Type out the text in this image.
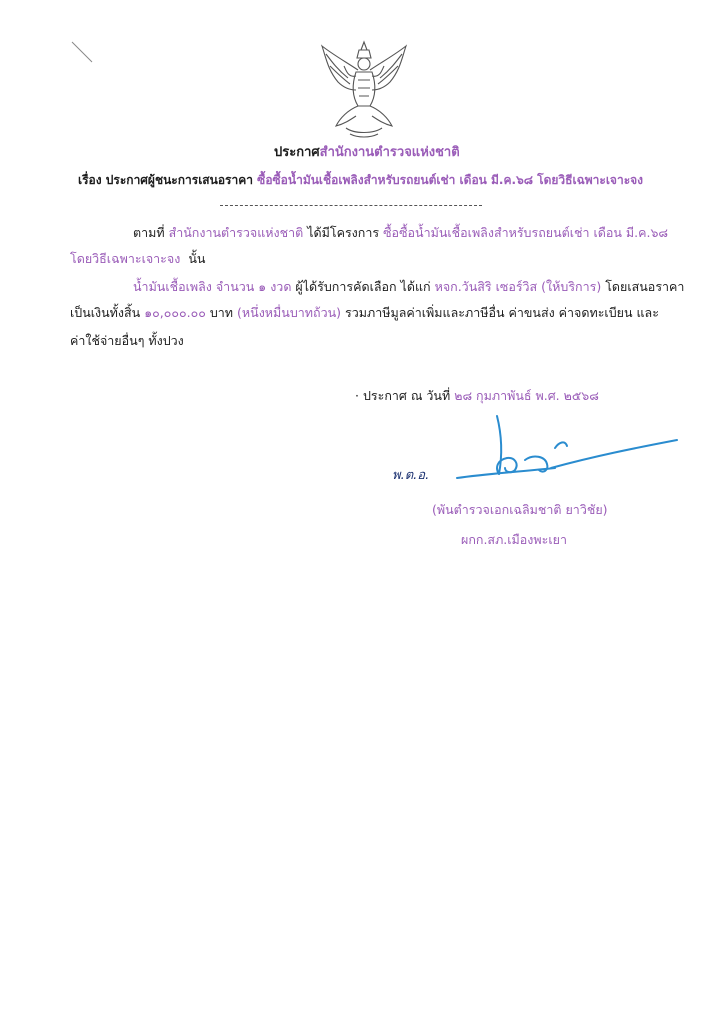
ประกาศสำนักงานตำรวจแห่งชาติ
เรื่อง ประกาศผู้ชนะการเสนอราคา ซื้อซื้อน้ำมันเชื้อเพลิงสำหรับรถยนต์เช่า เดือน มี.ค.๖๘ โดยวิธีเฉพาะเจาะจง
ตามที่ สำนักงานตำรวจแห่งชาติ ได้มีโครงการ ซื้อซื้อน้ำมันเชื้อเพลิงสำหรับรถยนต์เช่า เดือน มี.ค.๖๘
โดยวิธีเฉพาะเจาะจง นั้น
น้ำมันเชื้อเพลิง จำนวน ๑ งวด ผู้ได้รับการคัดเลือก ได้แก่ หจก.วันสิริ เซอร์วิส (ให้บริการ) โดยเสนอราคา
เป็นเงินทั้งสิ้น ๑๐,๐๐๐.๐๐ บาท (หนึ่งหมื่นบาทถ้วน) รวมภาษีมูลค่าเพิ่มและภาษีอื่น ค่าขนส่ง ค่าจดทะเบียน และ
ค่าใช้จ่ายอื่นๆ ทั้งปวง
· ประกาศ ณ วันที่ ๒๘ กุมภาพันธ์ พ.ศ. ๒๕๖๘
พ.ต.อ.
(พันตำรวจเอกเฉลิมชาติ ยาวิชัย)
ผกก.สภ.เมืองพะเยา
